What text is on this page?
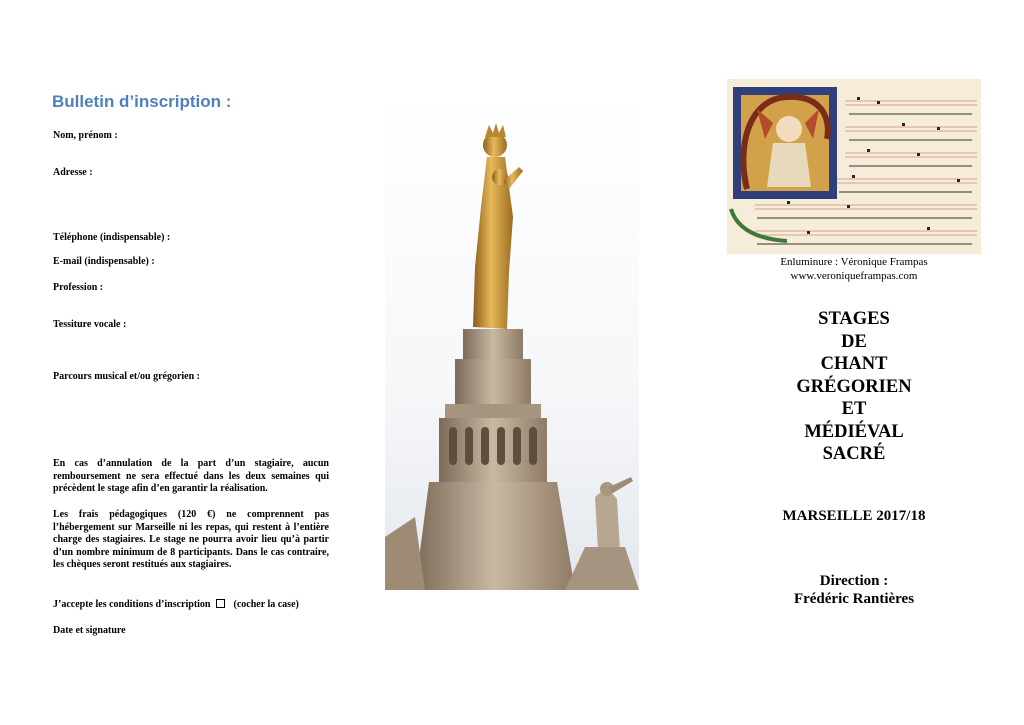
Bulletin d’inscription :
Nom, prénom :
Adresse :
Téléphone (indispensable) :
E-mail (indispensable) :
Profession :
Tessiture vocale :
Parcours musical et/ou grégorien :
En cas d’annulation de la part d’un stagiaire, aucun remboursement ne sera effectué dans les deux semaines qui précèdent le stage afin d’en garantir la réalisation.
Les frais pédagogiques (120 €) ne comprennent pas l’hébergement sur Marseille ni les repas, qui restent à l’entière charge des stagiaires. Le stage ne pourra avoir lieu qu’à partir d’un nombre minimum de 8 participants. Dans le cas contraire, les chèques seront restitués aux stagiaires.
J’accepte les conditions d’inscription (cocher la case)
Date et signature
Enluminure : Véronique Frampas
www.veroniqueframpas.com
STAGES
DE
CHANT
GRÉGORIEN
ET
MÉDIÉVAL
SACRÉ
MARSEILLE 2017/18
Direction :
Frédéric Rantières
